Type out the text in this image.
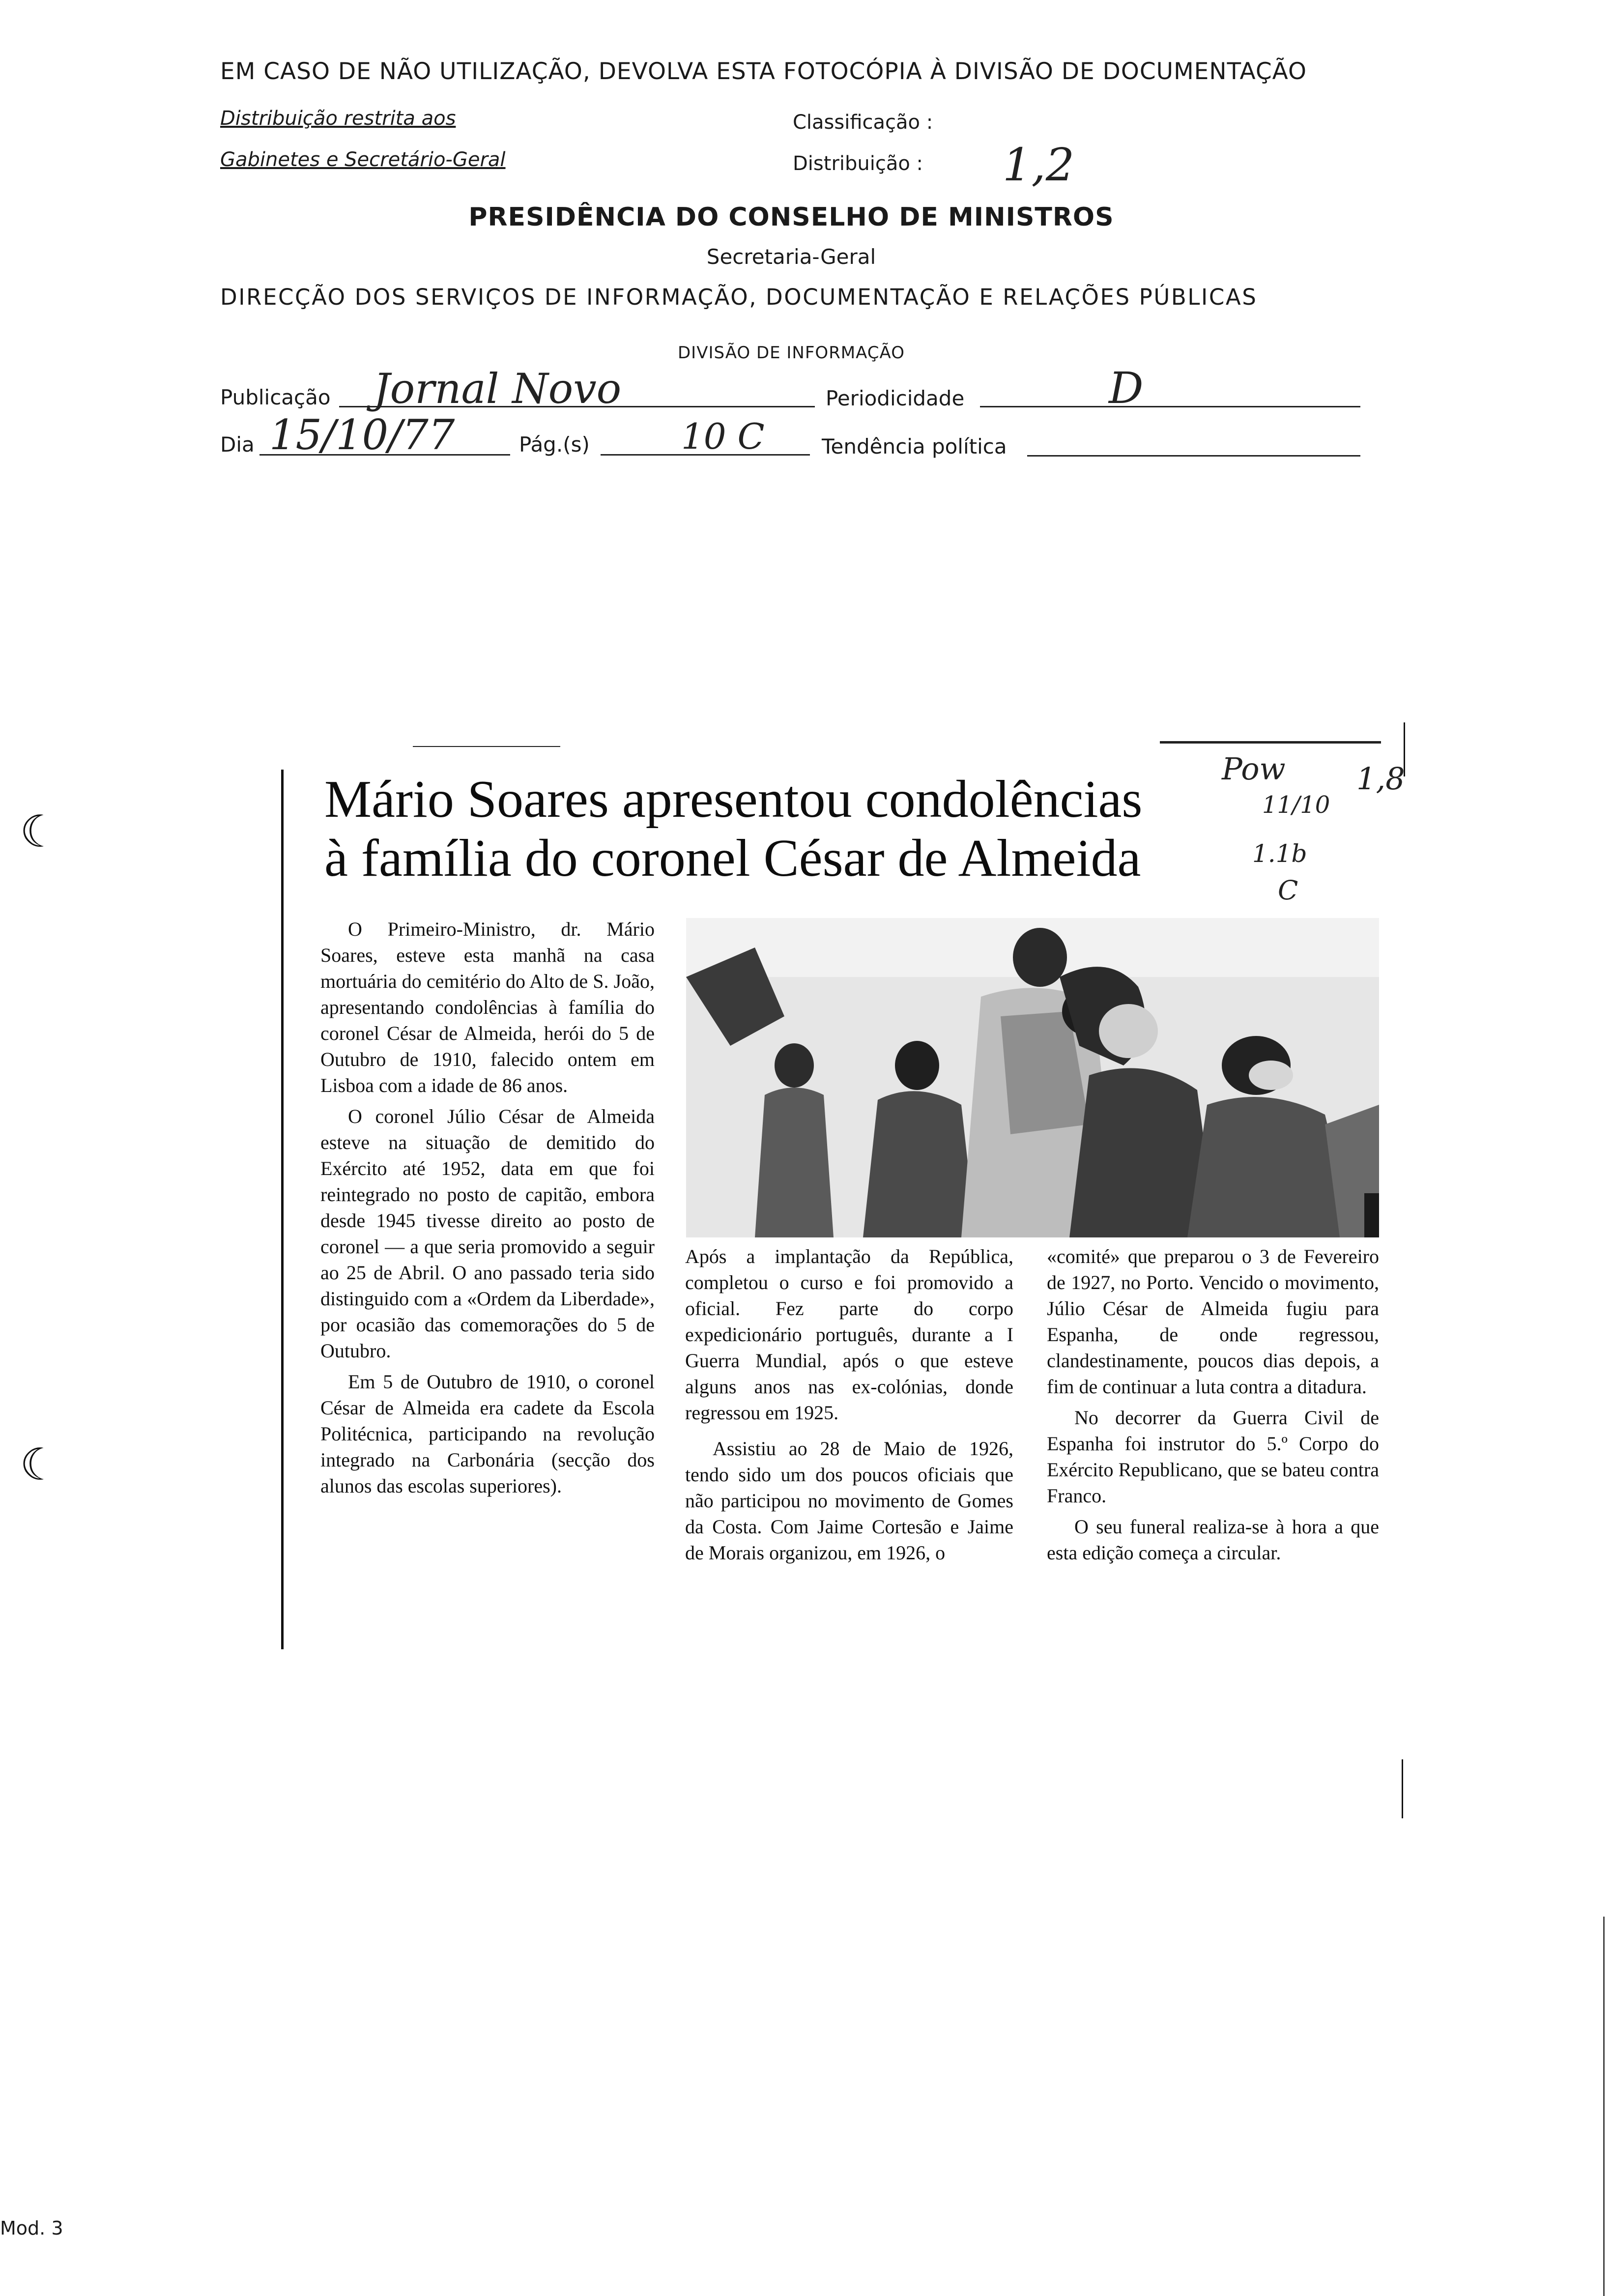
EM CASO DE NÃO UTILIZAÇÃO, DEVOLVA ESTA FOTOCÓPIA À DIVISÃO DE DOCUMENTAÇÃO
Distribuição restrita aos
Gabinetes e Secretário-Geral
Classificação :
Distribuição : 1,2
PRESIDÊNCIA DO CONSELHO DE MINISTROS
Secretaria-Geral
DIRECÇÃO DOS SERVIÇOS DE INFORMAÇÃO, DOCUMENTAÇÃO E RELAÇÕES PÚBLICAS
DIVISÃO DE INFORMAÇÃO
Publicação Jornal Novo	Periodicidade	D
Dia 15/10/77	Pág.(s)	10 C	Tendência política
Pow 1,8
11/10
1.1b
C
Mário Soares apresentou condolências
à família do coronel César de Almeida

O Primeiro-Ministro, dr. Mário Soares, esteve esta manhã na casa mortuária do cemitério do Alto de S. João, apresentando condolências à família do coronel César de Almeida, herói do 5 de Outubro de 1910, falecido ontem em Lisboa com a idade de 86 anos.

O coronel Júlio César de Almeida esteve na situação de demitido do Exército até 1952, data em que foi reintegrado no posto de capitão, embora desde 1945 tivesse direito ao posto de coronel — a que seria promovido a seguir ao 25 de Abril. O ano passado teria sido distinguido com a «Ordem da Liberdade», por ocasião das comemorações do 5 de Outubro.

Em 5 de Outubro de 1910, o coronel César de Almeida era cadete da Escola Politécnica, participando na revolução integrado na Carbonária (secção dos alunos das escolas superiores).

Após a implantação da República, completou o curso e foi promovido a oficial. Fez parte do corpo expedicionário português, durante a I Guerra Mundial, após o que esteve alguns anos nas ex-colónias, donde regressou em 1925.

Assistiu ao 28 de Maio de 1926, tendo sido um dos poucos oficiais que não participou no movimento de Gomes da Costa. Com Jaime Cortesão e Jaime de Morais organizou, em 1926, o

«comité» que preparou o 3 de Fevereiro de 1927, no Porto. Vencido o movimento, Júlio César de Almeida fugiu para Espanha, de onde regressou, clandestinamente, poucos dias depois, a fim de continuar a luta contra a ditadura.

No decorrer da Guerra Civil de Espanha foi instrutor do 5.º Corpo do Exército Republicano, que se bateu contra Franco.

O seu funeral realiza-se à hora a que esta edição começa a circular.

☾
☾
Mod. 3
